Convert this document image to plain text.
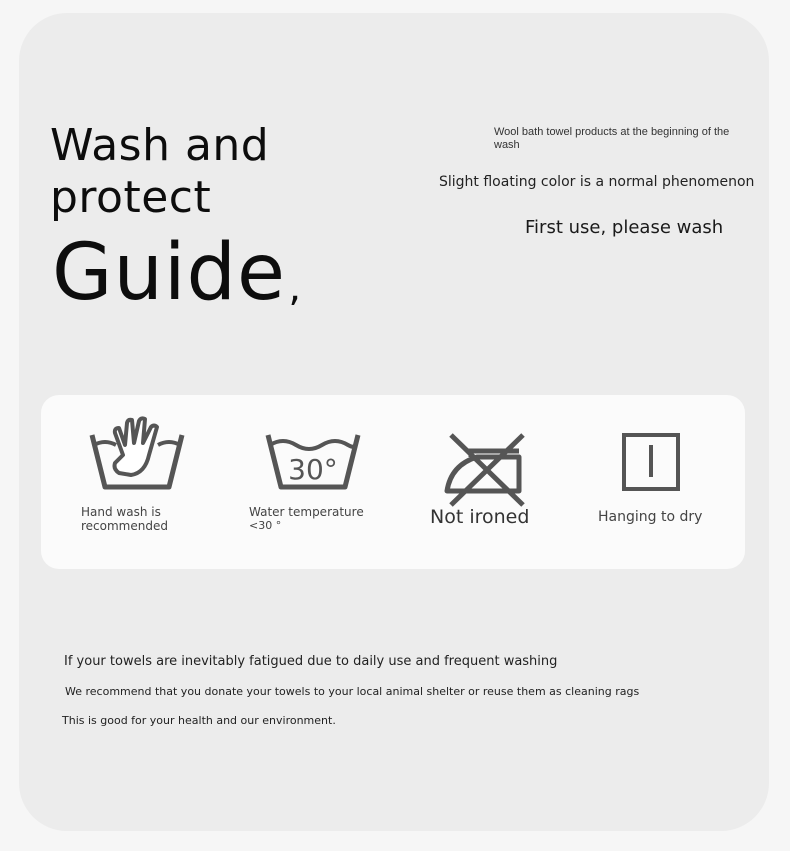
Wash and
protect
Guide ʼ
Wool bath towel products at the beginning of the wash
Slight floating color is a normal phenomenon
First use, please wash
Hand wash is recommended
30°
Water temperature
<30 °	Not ironed	Hanging to dry
If your towels are inevitably fatigued due to daily use and frequent washing
We recommend that you donate your towels to your local animal shelter or reuse them as cleaning rags
This is good for your health and our environment.
